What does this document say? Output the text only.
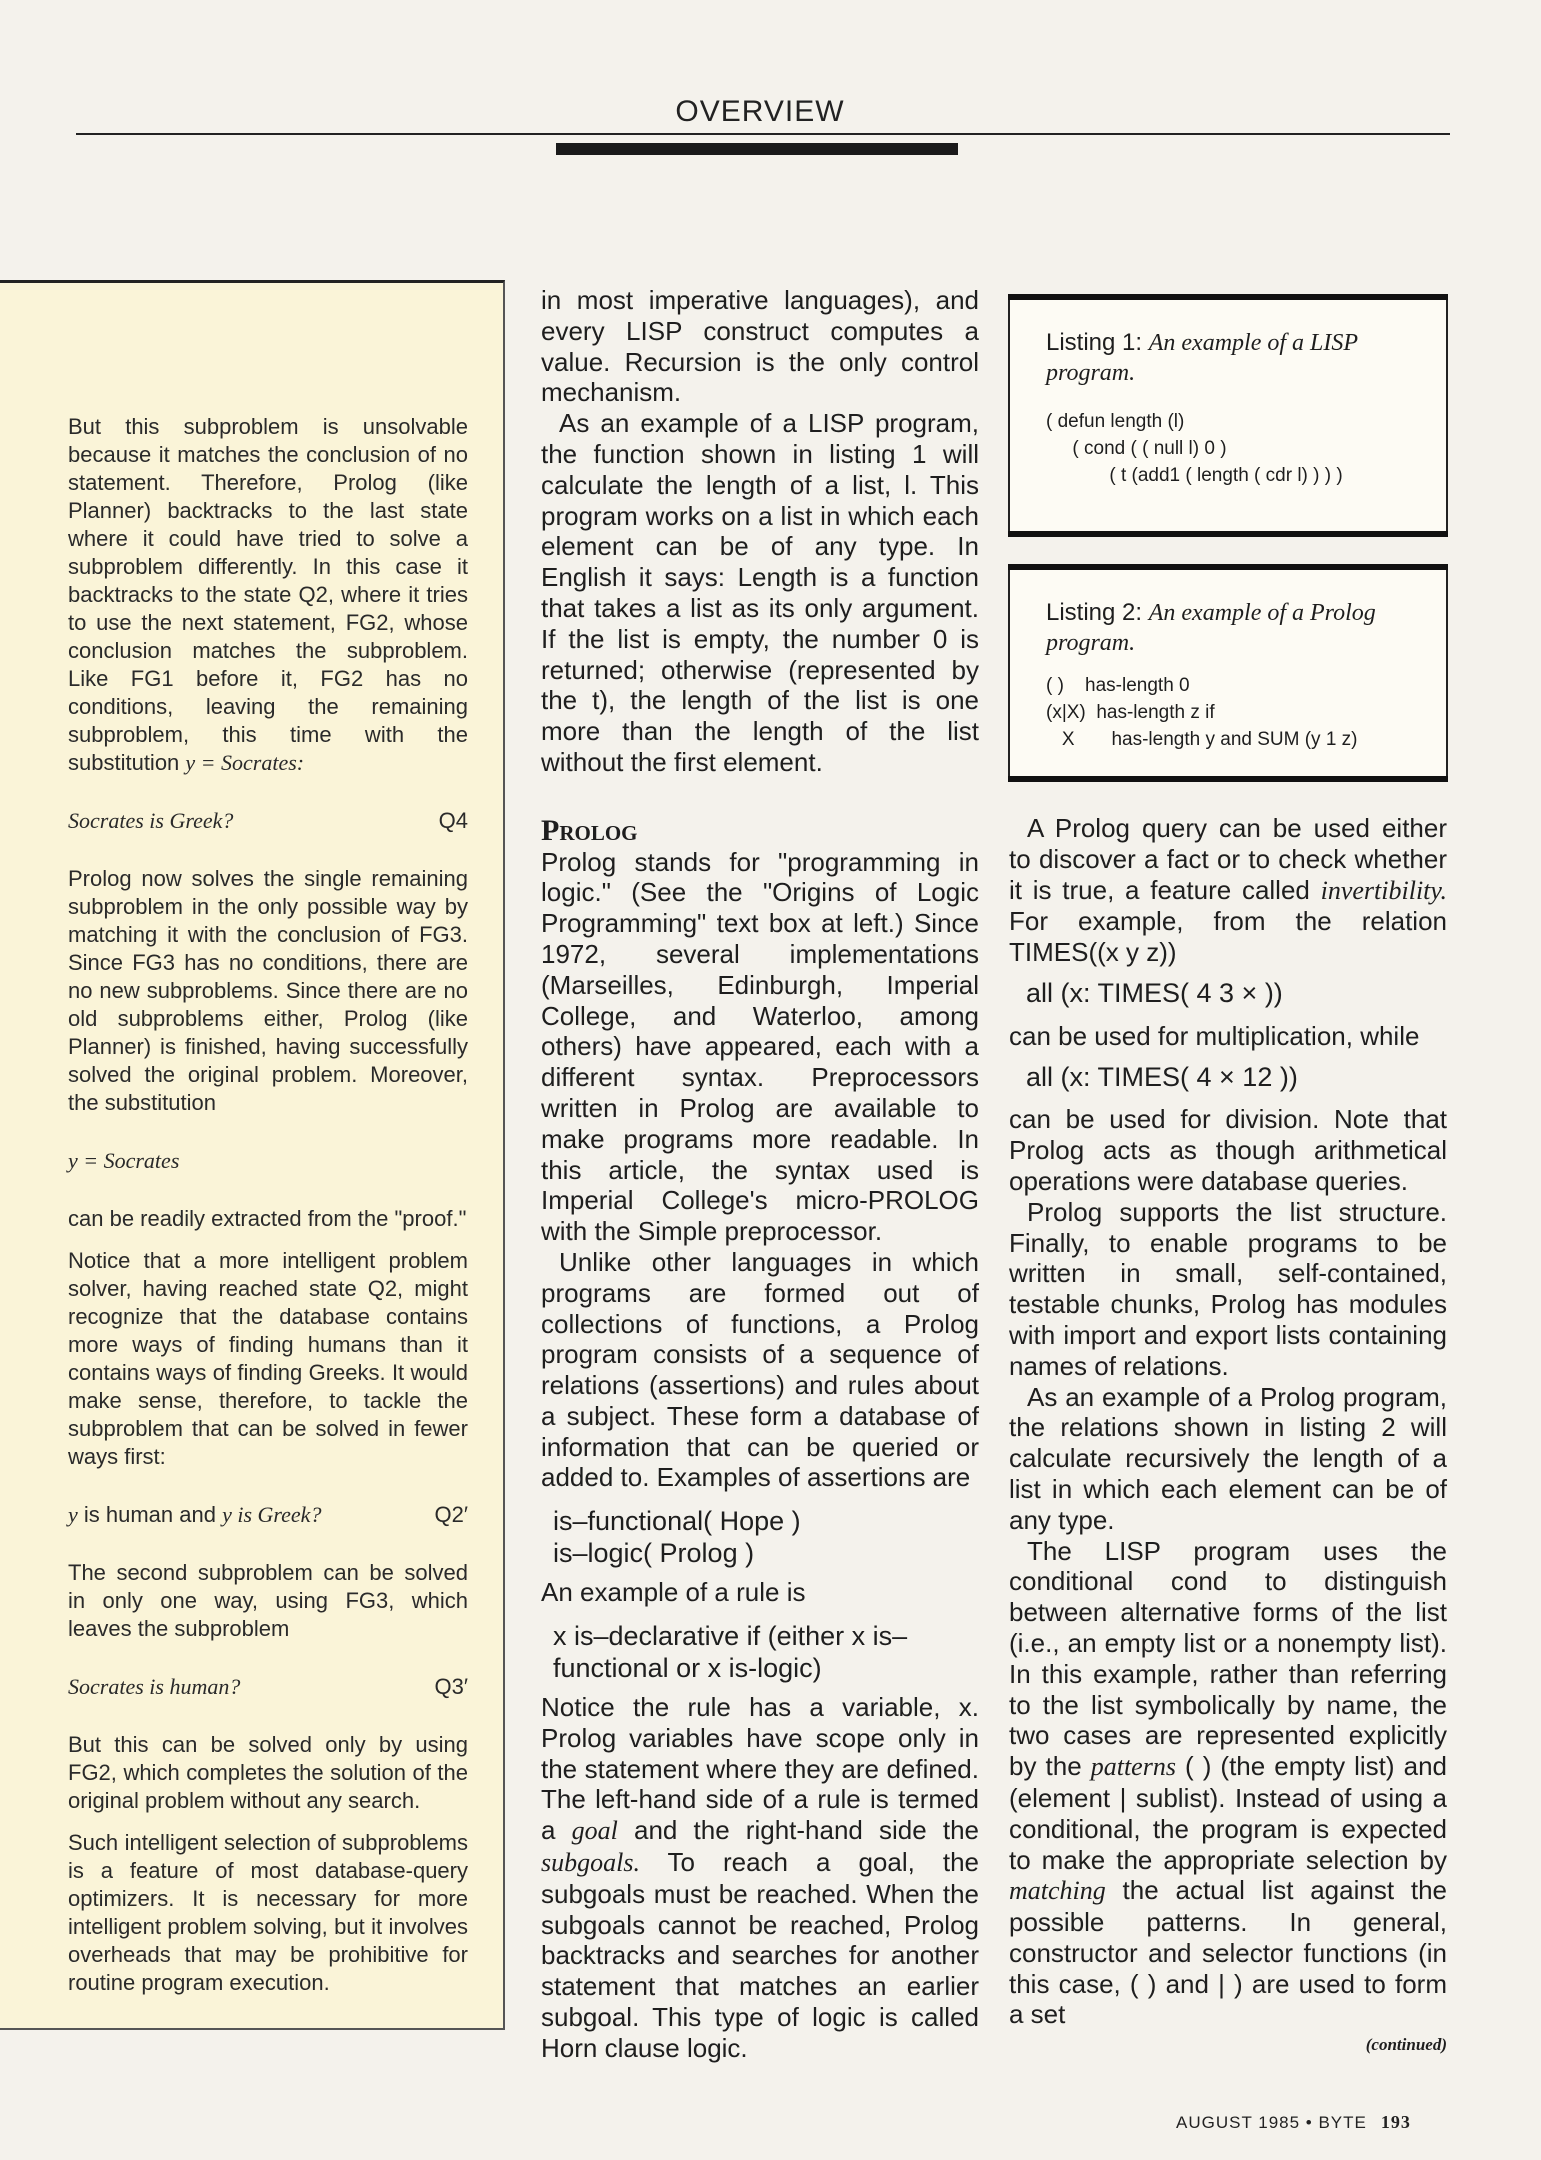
OVERVIEW

But this subproblem is unsolvable because it matches the conclusion of no statement. Therefore, Prolog (like Planner) backtracks to the last state where it could have tried to solve a subproblem differently. In this case it backtracks to the state Q2, where it tries to use the next statement, FG2, whose conclusion matches the subproblem. Like FG1 before it, FG2 has no conditions, leaving the remaining subproblem, this time with the substitution y = Socrates:

Socrates is Greek?	Q4

Prolog now solves the single remaining subproblem in the only possible way by matching it with the conclusion of FG3. Since FG3 has no conditions, there are no new subproblems. Since there are no old subproblems either, Prolog (like Planner) is finished, having successfully solved the original problem. Moreover, the substitution

y = Socrates

can be readily extracted from the "proof."

Notice that a more intelligent problem solver, having reached state Q2, might recognize that the database contains more ways of finding humans than it contains ways of finding Greeks. It would make sense, therefore, to tackle the subproblem that can be solved in fewer ways first:

y is human and y is Greek?	Q2′

The second subproblem can be solved in only one way, using FG3, which leaves the subproblem

Socrates is human?	Q3′

But this can be solved only by using FG2, which completes the solution of the original problem without any search.

Such intelligent selection of subproblems is a feature of most database-query optimizers. It is necessary for more intelligent problem solving, but it involves overheads that may be prohibitive for routine program execution.

in most imperative languages), and every LISP construct computes a value. Recursion is the only control mechanism.

As an example of a LISP program, the function shown in listing 1 will calculate the length of a list, l. This program works on a list in which each element can be of any type. In English it says: Length is a function that takes a list as its only argument. If the list is empty, the number 0 is returned; otherwise (represented by the t), the length of the list is one more than the length of the list without the first element.

Prolog

Prolog stands for "programming in logic." (See the "Origins of Logic Programming" text box at left.) Since 1972, several implementations (Marseilles, Edinburgh, Imperial College, and Waterloo, among others) have appeared, each with a different syntax. Preprocessors written in Prolog are available to make programs more readable. In this article, the syntax used is Imperial College's micro-PROLOG with the Simple preprocessor.

Unlike other languages in which programs are formed out of collections of functions, a Prolog program consists of a sequence of relations (assertions) and rules about a subject. These form a database of information that can be queried or added to. Examples of assertions are

is–functional( Hope )
is–logic( Prolog )

An example of a rule is

x is–declarative if (either x is–functional or x is-logic)

Notice the rule has a variable, x. Prolog variables have scope only in the statement where they are defined. The left-hand side of a rule is termed a goal and the right-hand side the subgoals. To reach a goal, the subgoals must be reached. When the subgoals cannot be reached, Prolog backtracks and searches for another statement that matches an earlier subgoal. This type of logic is called Horn clause logic.

Listing 1: An example of a LISP program.
( defun length (l)
( cond ( ( null l) 0 )
( t (add1 ( length ( cdr l) ) ) )
Listing 2: An example of a Prolog program.
( )    has-length 0
(x|X)  has-length z if
X       has-length y and SUM (y 1 z)

A Prolog query can be used either to discover a fact or to check whether it is true, a feature called invertibility. For example, from the relation TIMES((x y z))

all (x: TIMES( 4 3 × ))

can be used for multiplication, while

all (x: TIMES( 4 × 12 ))

can be used for division. Note that Prolog acts as though arithmetical operations were database queries.

Prolog supports the list structure. Finally, to enable programs to be written in small, self-contained, testable chunks, Prolog has modules with import and export lists containing names of relations.

As an example of a Prolog program, the relations shown in listing 2 will calculate recursively the length of a list in which each element can be of any type.

The LISP program uses the conditional cond to distinguish between alternative forms of the list (i.e., an empty list or a nonempty list). In this example, rather than referring to the list symbolically by name, the two cases are represented explicitly by the patterns ( ) (the empty list) and (element | sublist). Instead of using a conditional, the program is expected to make the appropriate selection by matching the actual list against the possible patterns. In general, constructor and selector functions (in this case, ( ) and | ) are used to form a set

(continued)
AUGUST 1985 • BYTE 193
